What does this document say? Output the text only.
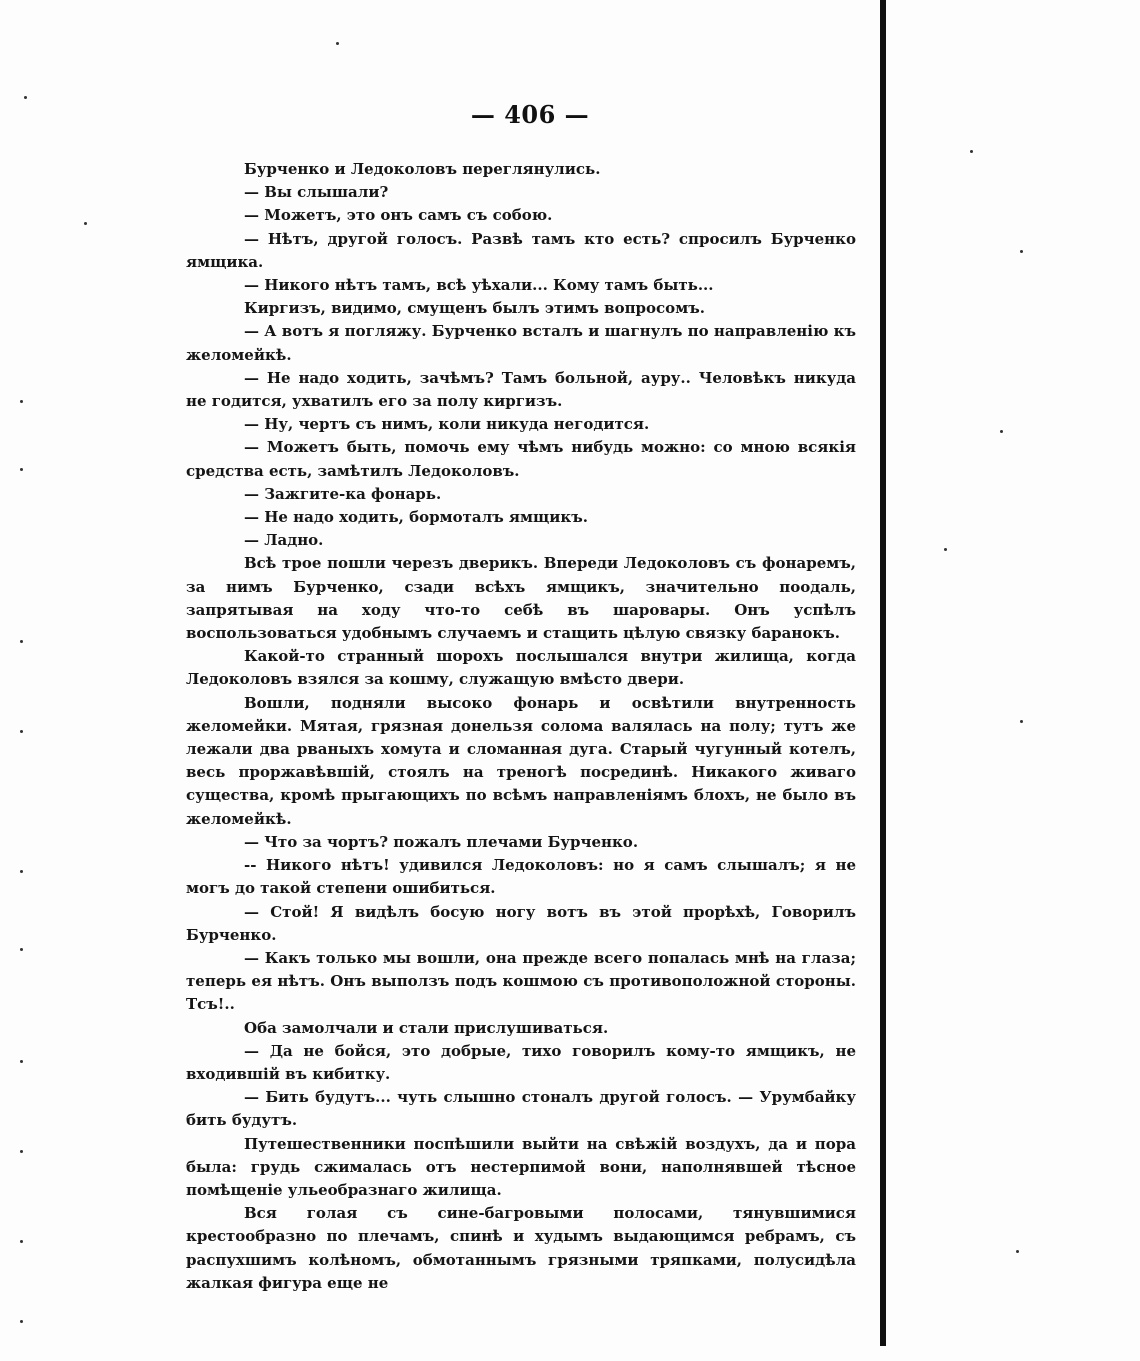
— 406 —

Бурченко и Ледоколовъ переглянулись.

— Вы слышали?

— Можетъ, это онъ самъ съ собою.

— Нѣтъ, другой голосъ. Развѣ тамъ кто есть? спросилъ Бурченко ямщика.

— Никого нѣтъ тамъ, всѣ уѣхали... Кому тамъ быть...

Киргизъ, видимо, смущенъ былъ этимъ вопросомъ.

— А вотъ я погляжу. Бурченко всталъ и шагнулъ по направленію къ желомейкѣ.

— Не надо ходить, зачѣмъ? Тамъ больной, ауру.. Человѣкъ никуда не годится, ухватилъ его за полу киргизъ.

— Ну, чертъ съ нимъ, коли никуда негодится.

— Можетъ быть, помочь ему чѣмъ нибудь можно: со мною всякія средства есть, замѣтилъ Ледоколовъ.

— Зажгите-ка фонарь.

— Не надо ходить, бормоталъ ямщикъ.

— Ладно.

Всѣ трое пошли черезъ дверикъ. Впереди Ледоколовъ съ фонаремъ, за нимъ Бурченко, сзади всѣхъ ямщикъ, значительно поодаль, запрятывая на ходу что-то себѣ въ шаровары. Онъ успѣлъ воспользоваться удобнымъ случаемъ и стащить цѣлую связку баранокъ.

Какой-то странный шорохъ послышался внутри жилища, когда Ледоколовъ взялся за кошму, служащую вмѣсто двери.

Вошли, подняли высоко фонарь и освѣтили внутренность желомейки. Мятая, грязная донельзя солома валялась на полу; тутъ же лежали два рваныхъ хомута и сломанная дуга. Старый чугунный котелъ, весь проржавѣвшій, стоялъ на треногѣ посрединѣ. Никакого живаго существа, кромѣ прыгающихъ по всѣмъ направленіямъ блохъ, не было въ желомейкѣ.

— Что за чортъ? пожалъ плечами Бурченко.

-- Никого нѣтъ! удивился Ледоколовъ: но я самъ слышалъ; я не могъ до такой степени ошибиться.

— Стой! Я видѣлъ босую ногу вотъ въ этой прорѣхѣ, Говорилъ Бурченко.

— Какъ только мы вошли, она прежде всего попалась мнѣ на глаза; теперь ея нѣтъ. Онъ выползъ подъ кошмою съ противоположной стороны. Тсъ!..

Оба замолчали и стали прислушиваться.

— Да не бойся, это добрые, тихо говорилъ кому-то ямщикъ, не входившій въ кибитку.

— Бить будутъ... чуть слышно стоналъ другой голосъ. — Урумбайку бить будутъ.

Путешественники поспѣшили выйти на свѣжій воздухъ, да и пора была: грудь сжималась отъ нестерпимой вони, наполнявшей тѣсное помѣщеніе ульеобразнаго жилища.

Вся голая съ сине-багровыми полосами, тянувшимися крестообразно по плечамъ, спинѣ и худымъ выдающимся ребрамъ, съ распухшимъ колѣномъ, обмотаннымъ грязными тряпками, полусидѣла жалкая фигура еще не
